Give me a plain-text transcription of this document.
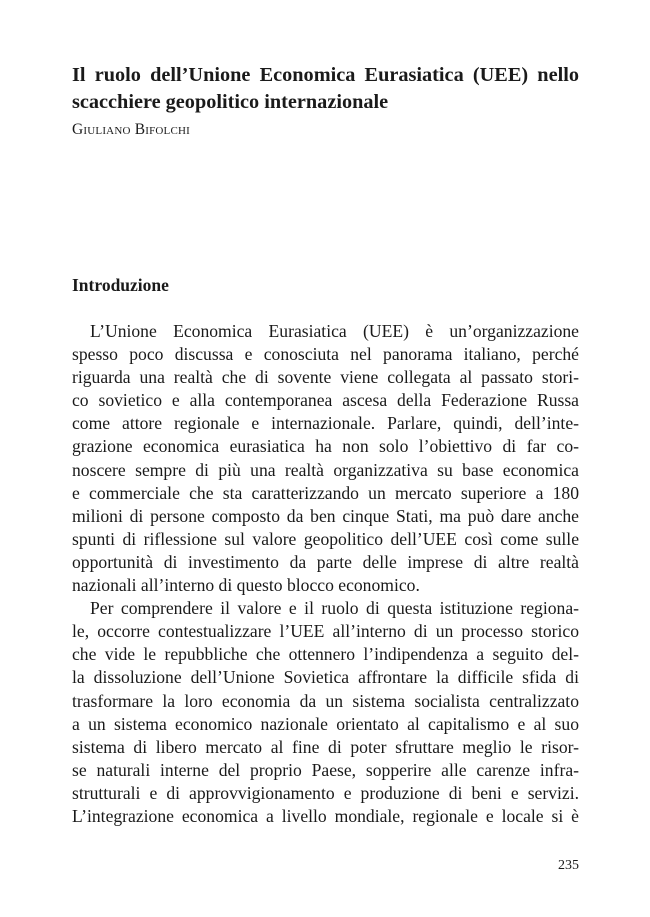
Il ruolo dell’Unione Economica Eurasiatica (UEE) nello
scacchiere geopolitico internazionale
Giuliano Bifolchi
Introduzione

L’Unione Economica Eurasiatica (UEE) è un’organizzazione
spesso poco discussa e conosciuta nel panorama italiano, perché
riguarda una realtà che di sovente viene collegata al passato stori-
co sovietico e alla contemporanea ascesa della Federazione Russa
come attore regionale e internazionale. Parlare, quindi, dell’inte-
grazione economica eurasiatica ha non solo l’obiettivo di far co-
noscere sempre di più una realtà organizzativa su base economica
e commerciale che sta caratterizzando un mercato superiore a 180
milioni di persone composto da ben cinque Stati, ma può dare anche
spunti di riflessione sul valore geopolitico dell’UEE così come sulle
opportunità di investimento da parte delle imprese di altre realtà
nazionali all’interno di questo blocco economico.

Per comprendere il valore e il ruolo di questa istituzione regiona-
le, occorre contestualizzare l’UEE all’interno di un processo storico
che vide le repubbliche che ottennero l’indipendenza a seguito del-
la dissoluzione dell’Unione Sovietica affrontare la difficile sfida di
trasformare la loro economia da un sistema socialista centralizzato
a un sistema economico nazionale orientato al capitalismo e al suo
sistema di libero mercato al fine di poter sfruttare meglio le risor-
se naturali interne del proprio Paese, sopperire alle carenze infra-
strutturali e di approvvigionamento e produzione di beni e servizi.
L’integrazione economica a livello mondiale, regionale e locale si è

235
